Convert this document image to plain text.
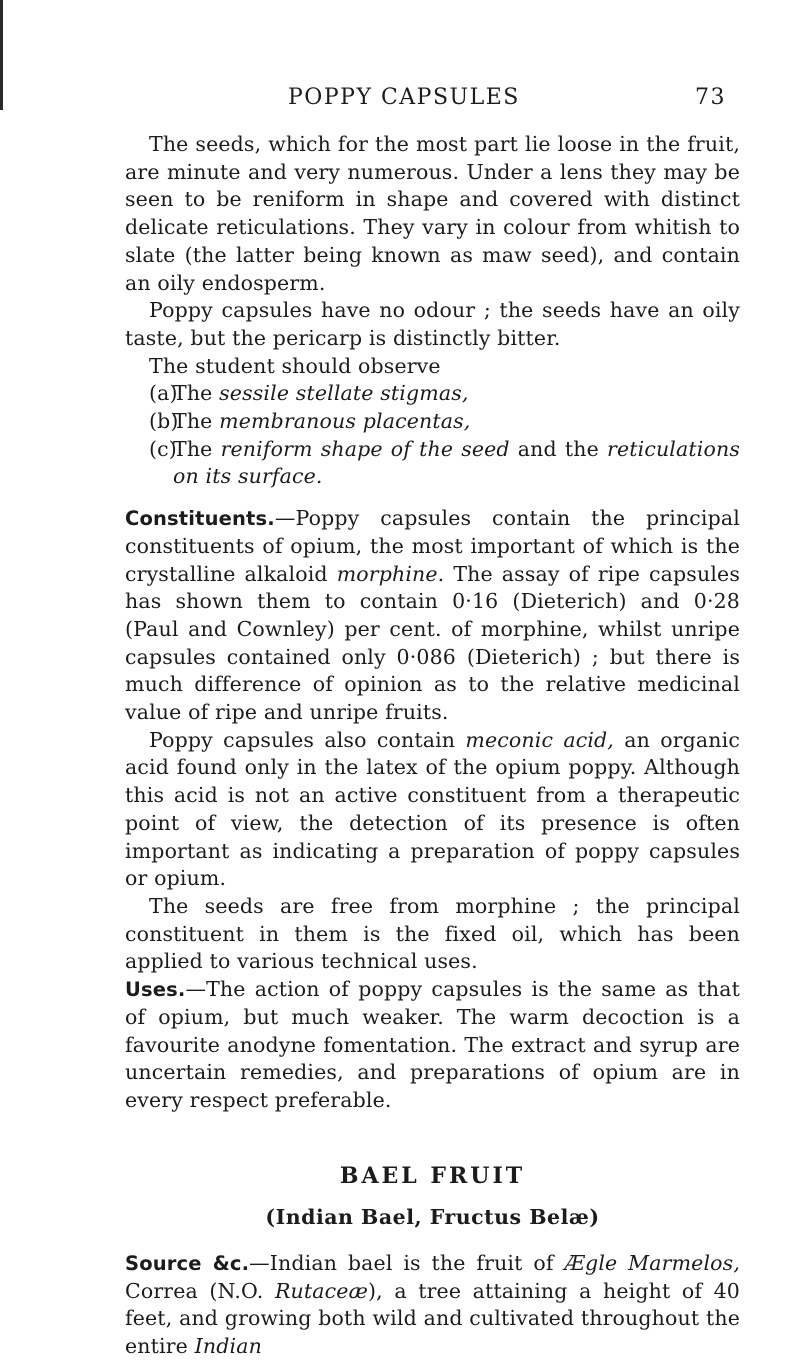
POPPY CAPSULES	73

The seeds, which for the most part lie loose in the fruit, are minute and very numerous. Under a lens they may be seen to be reniform in shape and covered with distinct delicate reticulations. They vary in colour from whitish to slate (the latter being known as maw seed), and contain an oily endosperm.

Poppy capsules have no odour ; the seeds have an oily taste, but the pericarp is distinctly bitter.

The student should observe

(a)The sessile stellate stigmas,
(b)The membranous placentas,
(c)The reniform shape of the seed and the reticulations on its surface.

Constituents.—Poppy capsules contain the principal constituents of opium, the most important of which is the crystalline alkaloid morphine. The assay of ripe capsules has shown them to contain 0·16 (Dieterich) and 0·28 (Paul and Cownley) per cent. of morphine, whilst unripe capsules contained only 0·086 (Dieterich) ; but there is much difference of opinion as to the relative medicinal value of ripe and unripe fruits.

Poppy capsules also contain meconic acid, an organic acid found only in the latex of the opium poppy. Although this acid is not an active constituent from a therapeutic point of view, the detection of its presence is often important as indicating a preparation of poppy capsules or opium.

The seeds are free from morphine ; the principal constituent in them is the fixed oil, which has been applied to various technical uses.

Uses.—The action of poppy capsules is the same as that of opium, but much weaker. The warm decoction is a favourite anodyne fomentation. The extract and syrup are uncertain remedies, and preparations of opium are in every respect preferable.

BAEL FRUIT
(Indian Bael, Fructus Belæ)

Source &c.—Indian bael is the fruit of Ægle Marmelos, Correa (N.O. Rutaceæ), a tree attaining a height of 40 feet, and growing both wild and cultivated throughout the entire Indian
